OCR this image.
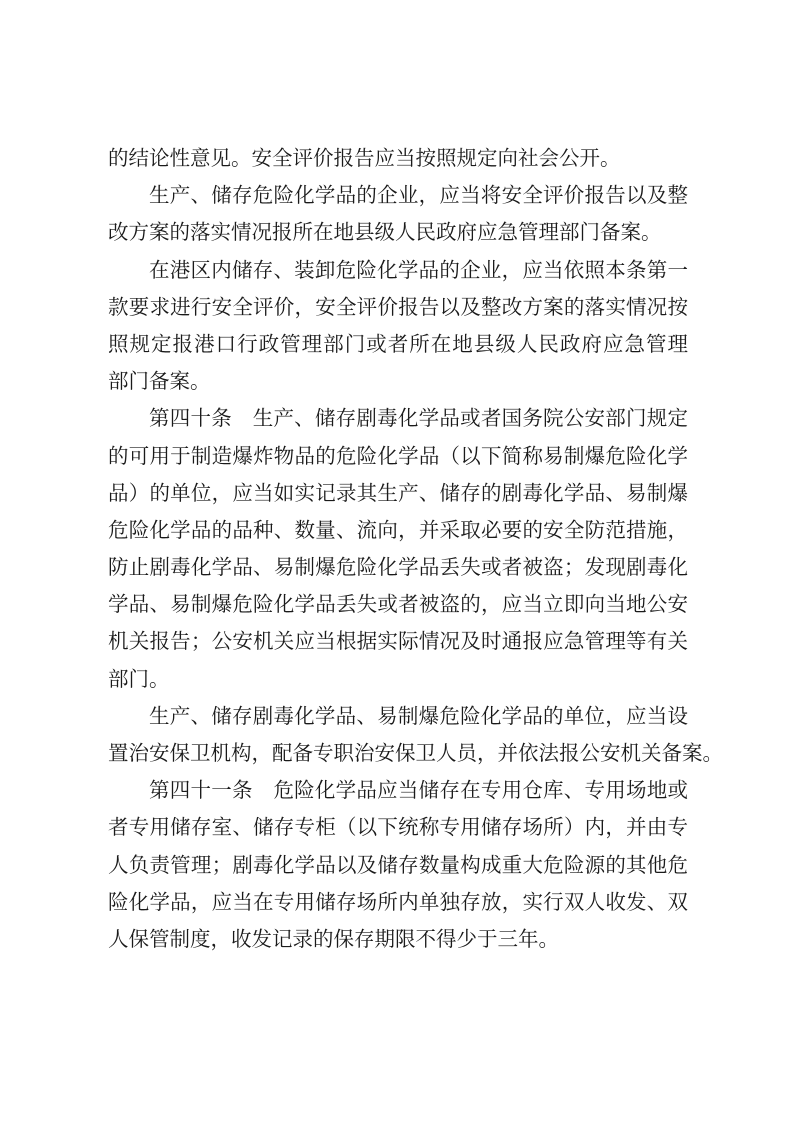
的结论性意见。安全评价报告应当按照规定向社会公开。
生产、储存危险化学品的企业，应当将安全评价报告以及整
改方案的落实情况报所在地县级人民政府应急管理部门备案。
在港区内储存、装卸危险化学品的企业，应当依照本条第一
款要求进行安全评价，安全评价报告以及整改方案的落实情况按
照规定报港口行政管理部门或者所在地县级人民政府应急管理
部门备案。
第四十条　生产、储存剧毒化学品或者国务院公安部门规定
的可用于制造爆炸物品的危险化学品（以下简称易制爆危险化学
品）的单位，应当如实记录其生产、储存的剧毒化学品、易制爆
危险化学品的品种、数量、流向，并采取必要的安全防范措施，
防止剧毒化学品、易制爆危险化学品丢失或者被盗；发现剧毒化
学品、易制爆危险化学品丢失或者被盗的，应当立即向当地公安
机关报告；公安机关应当根据实际情况及时通报应急管理等有关
部门。
生产、储存剧毒化学品、易制爆危险化学品的单位，应当设
置治安保卫机构，配备专职治安保卫人员，并依法报公安机关备案。
第四十一条　危险化学品应当储存在专用仓库、专用场地或
者专用储存室、储存专柜（以下统称专用储存场所）内，并由专
人负责管理；剧毒化学品以及储存数量构成重大危险源的其他危
险化学品，应当在专用储存场所内单独存放，实行双人收发、双
人保管制度，收发记录的保存期限不得少于三年。
